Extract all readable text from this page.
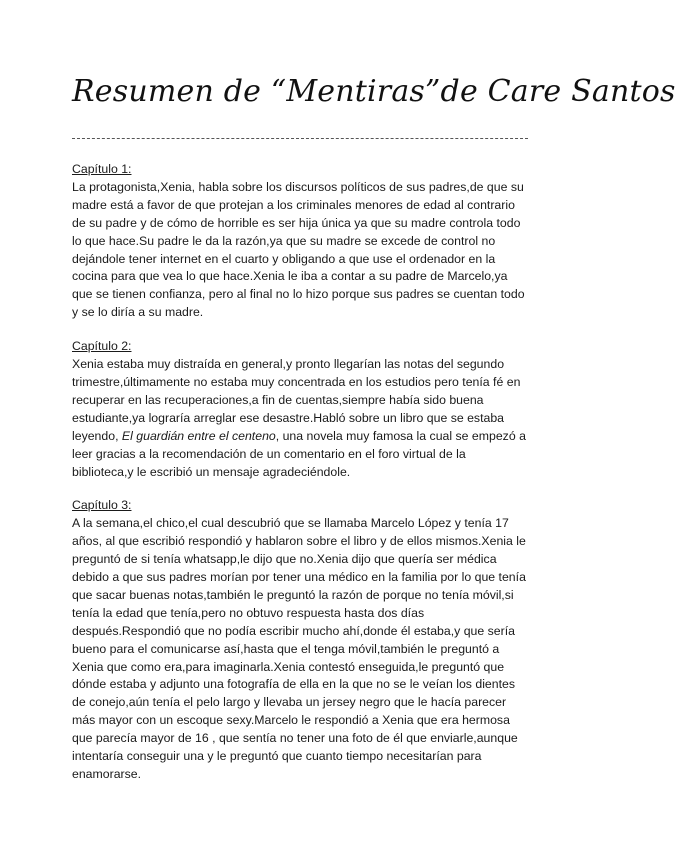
Resumen de “Mentiras”de Care Santos
Capítulo 1:
La protagonista,Xenia, habla sobre los discursos políticos de sus padres,de que su madre está a favor de que protejan a los criminales menores de edad al contrario de su padre y de cómo de horrible es ser hija única ya que su madre controla todo lo que hace.Su padre le da la razón,ya que su madre se excede de control no dejándole tener internet en el cuarto y obligando a que use el ordenador en la cocina para que vea lo que hace.Xenia le iba a contar a su padre de Marcelo,ya que se tienen confianza, pero al final no lo hizo porque sus padres se cuentan todo y se lo diría a su madre.
Capítulo 2:
Xenia estaba muy distraída en general,y pronto llegarían las notas del segundo trimestre,últimamente no estaba muy concentrada en los estudios pero tenía fé en recuperar en las recuperaciones,a fin de cuentas,siempre había sido buena estudiante,ya lograría arreglar ese desastre.Habló sobre un libro que se estaba leyendo, El guardián entre el centeno, una novela muy famosa la cual se empezó a leer gracias a la recomendación de un comentario en el foro virtual de la biblioteca,y le escribió un mensaje agradeciéndole.
Capítulo 3:
A la semana,el chico,el cual descubrió que se llamaba Marcelo López y tenía 17 años, al que escribió respondió y hablaron sobre el libro y de ellos mismos.Xenia le preguntó de si tenía whatsapp,le dijo que no.Xenia dijo que quería ser médica debido a que sus padres morían por tener una médico en la familia por lo que tenía que sacar buenas notas,también le preguntó la razón de porque no tenía móvil,si tenía la edad que tenía,pero no obtuvo respuesta hasta dos días después.Respondió que no podía escribir mucho ahí,donde él estaba,y que sería bueno para el comunicarse así,hasta que el tenga móvil,también le preguntó a Xenia que como era,para imaginarla.Xenia contestó enseguida,le preguntó que dónde estaba y adjunto una fotografía de ella en la que no se le veían los dientes de conejo,aún tenía el pelo largo y llevaba un jersey negro que le hacía parecer más mayor con un escoque sexy.Marcelo le respondió a Xenia que era hermosa que parecía mayor de 16 , que sentía no tener una foto de él que enviarle,aunque intentaría conseguir una y le preguntó que cuanto tiempo necesitarían para enamorarse.
